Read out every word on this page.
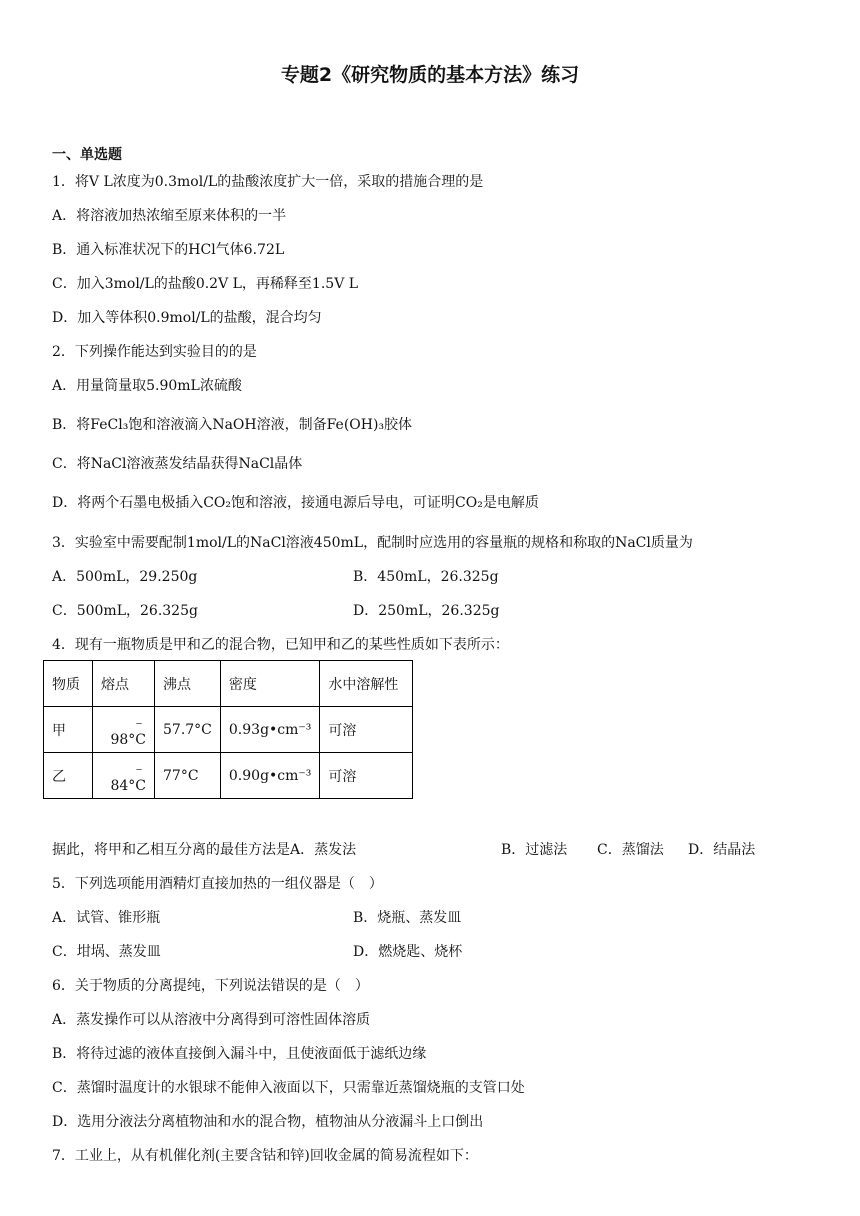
专题2《研究物质的基本方法》练习
一、单选题
1．将V L浓度为0.3mol/L的盐酸浓度扩大一倍，采取的措施合理的是
A．将溶液加热浓缩至原来体积的一半
B．通入标准状况下的HCl气体6.72L
C．加入3mol/L的盐酸0.2V L，再稀释至1.5V L
D．加入等体积0.9mol/L的盐酸，混合均匀
2．下列操作能达到实验目的的是
A．用量筒量取5.90mL浓硫酸
B．将FeCl₃饱和溶液滴入NaOH溶液，制备Fe(OH)₃胶体
C．将NaCl溶液蒸发结晶获得NaCl晶体
D．将两个石墨电极插入CO₂饱和溶液，接通电源后导电，可证明CO₂是电解质
3．实验室中需要配制1mol/L的NaCl溶液450mL，配制时应选用的容量瓶的规格和称取的NaCl质量为
A．500mL，29.250g	B．450mL，26.325g
C．500mL，26.325g	D．250mL，26.325g
4．现有一瓶物质是甲和乙的混合物，已知甲和乙的某些性质如下表所示：
物质	熔点	沸点	密度	水中溶解性
甲	﹣98°C	57.7°C	0.93g•cm⁻³	可溶
乙	﹣84°C	77°C	0.90g•cm⁻³	可溶
据此，将甲和乙相互分离的最佳方法是A．蒸发法	B．过滤法 C．蒸馏法 D．结晶法
5．下列选项能用酒精灯直接加热的一组仪器是（　）
A．试管、锥形瓶	B．烧瓶、蒸发皿
C．坩埚、蒸发皿	D．燃烧匙、烧杯
6．关于物质的分离提纯，下列说法错误的是（　）
A．蒸发操作可以从溶液中分离得到可溶性固体溶质
B．将待过滤的液体直接倒入漏斗中，且使液面低于滤纸边缘
C．蒸馏时温度计的水银球不能伸入液面以下，只需靠近蒸馏烧瓶的支管口处
D．选用分液法分离植物油和水的混合物，植物油从分液漏斗上口倒出
7．工业上，从有机催化剂(主要含钴和锌)回收金属的简易流程如下：
